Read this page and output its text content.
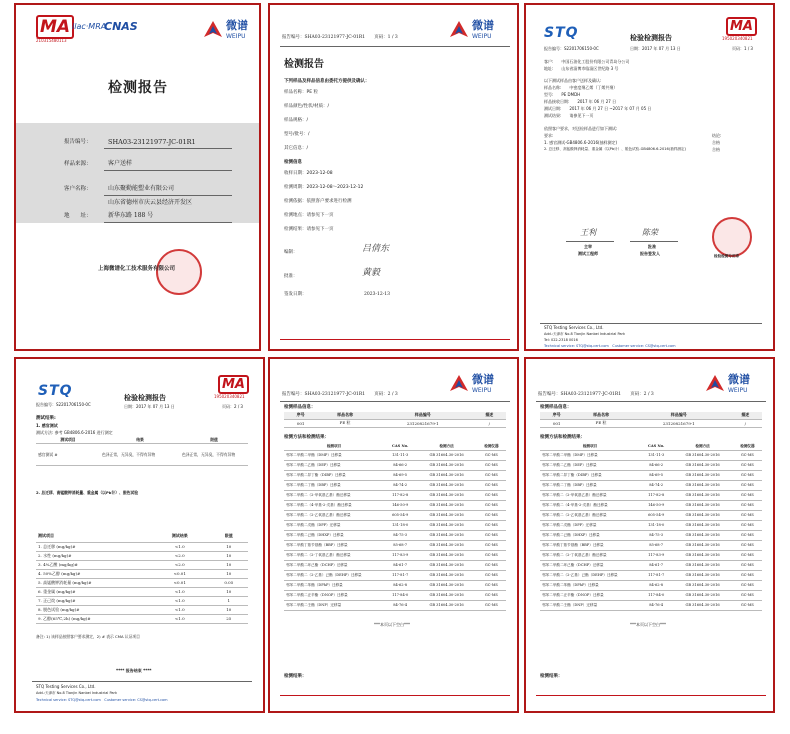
MA
210315480113
ilac·MRA
CNAS	微谱
WEIPU
检测报告
报告编号：	SHA03-23121977-JC-01R1
样品来源：	客户送样
客户名称：	山东聚勤能塑业有限公司
山东省德州市庆云县经济开发区
地　　址：	新华东路 188 号
上海微谱化工技术服务有限公司
报告编号：SHA03-23121977-JC-01R1　　页码：1 / 3
微谱
WEIPU
检测报告
下列样品及样品信息由委托方提供及确认：
样品名称：PE 粒
样品颜色/性状/材质：/
样品规格：/
型号/批号：/
其它信息：/
检测信息
收样日期：2023-12-08
检测周期：2023-12-08～2023-12-12
检测依据：依照客户要求进行检测
检测地点：请参见下一页
检测结果：请参见下一页
编制：	吕倩东
批准：	黄毅
签发日期：	2023-12-13
STQ	检验检测报告
MA
195020340821
报告编号：S2201706150-0C	日期：2017 年 07 月 13 日	页码：1 / 3
客户:　　中国石油化工股份有限公司青岛分公司
地址:　　山东省淄博市临淄区世纪路 3 号
以下测试样品由客户送样及确认:
样品名称:　　中密度聚乙烯（丁烯共聚）
型号:　　PE DMDH
样品接收日期:　　2017 年 06 月 27 日
测试日期:　　2017 年 06 月 27 日 ~2017 年 07 月 05 日
测试结果:　　请参见下一页
依照客户要求，对送检样品进行如下测试:
要求:	结论:
1. 感官测试-GB4806.6-2016(抽样测定)	合格
2. 总迁移、高锰酸钾消耗量、重金属（以Pb计）、脱色试验-GB4806.6-2016(抽样测定)	合格
王利
主审
测试工程师
陈荣
批准
报告签发人	检验检测专用章
STQ Testing Services Co., Ltd.
Add.:天津市 No.8 Tianjin Nanbei Industrial Park
Tel: 022-2318 0016
Technical service: STQ@stq-cert.com　Customer service: CS@stq-cert.com
STQ	检验检测报告
MA
195020340821
报告编号：S2201706150-0C	日期：2017 年 07 月 13 日	页码：2 / 3
测试结果:
1. 感官测试
测试方法: 参考 GB4806.6-2016 进行测定
测试项目	结果	限值
感官测试 #	色泽正常，无异臭，不得有异物	色泽正常，无异臭，不得有异物
2. 总迁移、高锰酸钾消耗量、重金属（以Pb计）、脱色试验
测试项目	测试结果	限值
1. 总迁移 (mg/kg)#	<1.0	10
2. 水性 (mg/kg)#	<2.0	10
3. 4%乙酸 (mg/kg)#	<2.0	10
4. 50%乙醇 (mg/kg)#	<0.01	10
5. 高锰酸钾消耗量 (mg/kg)#	<0.01	0.05
6. 重金属 (mg/kg)#	<1.0	10
7. 正己烷 (mg/kg)#	<1.0	1
8. 脱色试验 (mg/kg)#	<1.0	10
9. 乙醇(65℃,2h) (mg/kg)#	<1.0	25
备注: 1) 该样品按照客户要求测定，2) # 表示 CMA 认证项目
**** 报告结束 ****
STQ Testing Services Co., Ltd.
Add.:天津市 No.8 Tianjin Nanbei Industrial Park
Technical service: STQ@stq-cert.com　Customer service: CS@stq-cert.com
报告编号：SHA03-23121977-JC-01R1　　页码：2 / 3
微谱
WEIPU
检测样品信息：
序号	样品名称	样品编号	描述
001	PE 粒	23120821679-1	/
检测方法和检测结果：
检测项目	CAS No.	检测方法	检测仪器
邻苯二甲酸二甲酯（DMP）迁移量	131-11-3	GB 31604.30-2016	GC-MS
邻苯二甲酸二乙酯（DEP）迁移量	84-66-2	GB 31604.30-2016	GC-MS
邻苯二甲酸二异丁酯（DIBP）迁移量	84-69-5	GB 31604.30-2016	GC-MS
邻苯二甲酸二丁酯（DBP）迁移量	84-74-2	GB 31604.30-2016	GC-MS
邻苯二甲酸二（2-甲氧基乙基）酯迁移量	117-82-8	GB 31604.30-2016	GC-MS
邻苯二甲酸二（4-甲基-2-戊基）酯迁移量	146-50-9	GB 31604.30-2016	GC-MS
邻苯二甲酸二（2-乙氧基乙基）酯迁移量	605-54-9	GB 31604.30-2016	GC-MS
邻苯二甲酸二戊酯（DPP）迁移量	131-18-0	GB 31604.30-2016	GC-MS
邻苯二甲酸二己酯（DHXP）迁移量	84-75-3	GB 31604.30-2016	GC-MS
邻苯二甲酸丁基苄基酯（BBP）迁移量	85-68-7	GB 31604.30-2016	GC-MS
邻苯二甲酸二（2-丁氧基乙基）酯迁移量	117-83-9	GB 31604.30-2016	GC-MS
邻苯二甲酸二环己酯（DCHP）迁移量	84-61-7	GB 31604.30-2016	GC-MS
邻苯二甲酸二（2-乙基）己酯（DEHP）迁移量	117-81-7	GB 31604.30-2016	GC-MS
邻苯二甲酸二苯酯（DPhP）迁移量	84-62-8	GB 31604.30-2016	GC-MS
邻苯二甲酸二正辛酯（DNOP）迁移量	117-84-0	GB 31604.30-2016	GC-MS
邻苯二甲酸二壬酯（DNP）迁移量	84-76-4	GB 31604.30-2016	GC-MS
***本页以下空白***
检测结果：
报告编号：SHA03-23121977-JC-01R1　　页码：2 / 3
微谱
WEIPU
检测样品信息：
序号	样品名称	样品编号	描述
001	PE 粒	23120821679-1	/
检测方法和检测结果：
检测项目	CAS No.	检测方法	检测仪器
邻苯二甲酸二甲酯（DMP）迁移量	131-11-3	GB 31604.30-2016	GC-MS
邻苯二甲酸二乙酯（DEP）迁移量	84-66-2	GB 31604.30-2016	GC-MS
邻苯二甲酸二异丁酯（DIBP）迁移量	84-69-5	GB 31604.30-2016	GC-MS
邻苯二甲酸二丁酯（DBP）迁移量	84-74-2	GB 31604.30-2016	GC-MS
邻苯二甲酸二（2-甲氧基乙基）酯迁移量	117-82-8	GB 31604.30-2016	GC-MS
邻苯二甲酸二（4-甲基-2-戊基）酯迁移量	146-50-9	GB 31604.30-2016	GC-MS
邻苯二甲酸二（2-乙氧基乙基）酯迁移量	605-54-9	GB 31604.30-2016	GC-MS
邻苯二甲酸二戊酯（DPP）迁移量	131-18-0	GB 31604.30-2016	GC-MS
邻苯二甲酸二己酯（DHXP）迁移量	84-75-3	GB 31604.30-2016	GC-MS
邻苯二甲酸丁基苄基酯（BBP）迁移量	85-68-7	GB 31604.30-2016	GC-MS
邻苯二甲酸二（2-丁氧基乙基）酯迁移量	117-83-9	GB 31604.30-2016	GC-MS
邻苯二甲酸二环己酯（DCHP）迁移量	84-61-7	GB 31604.30-2016	GC-MS
邻苯二甲酸二（2-乙基）己酯（DEHP）迁移量	117-81-7	GB 31604.30-2016	GC-MS
邻苯二甲酸二苯酯（DPhP）迁移量	84-62-8	GB 31604.30-2016	GC-MS
邻苯二甲酸二正辛酯（DNOP）迁移量	117-84-0	GB 31604.30-2016	GC-MS
邻苯二甲酸二壬酯（DNP）迁移量	84-76-4	GB 31604.30-2016	GC-MS
***本页以下空白***
检测结果：
